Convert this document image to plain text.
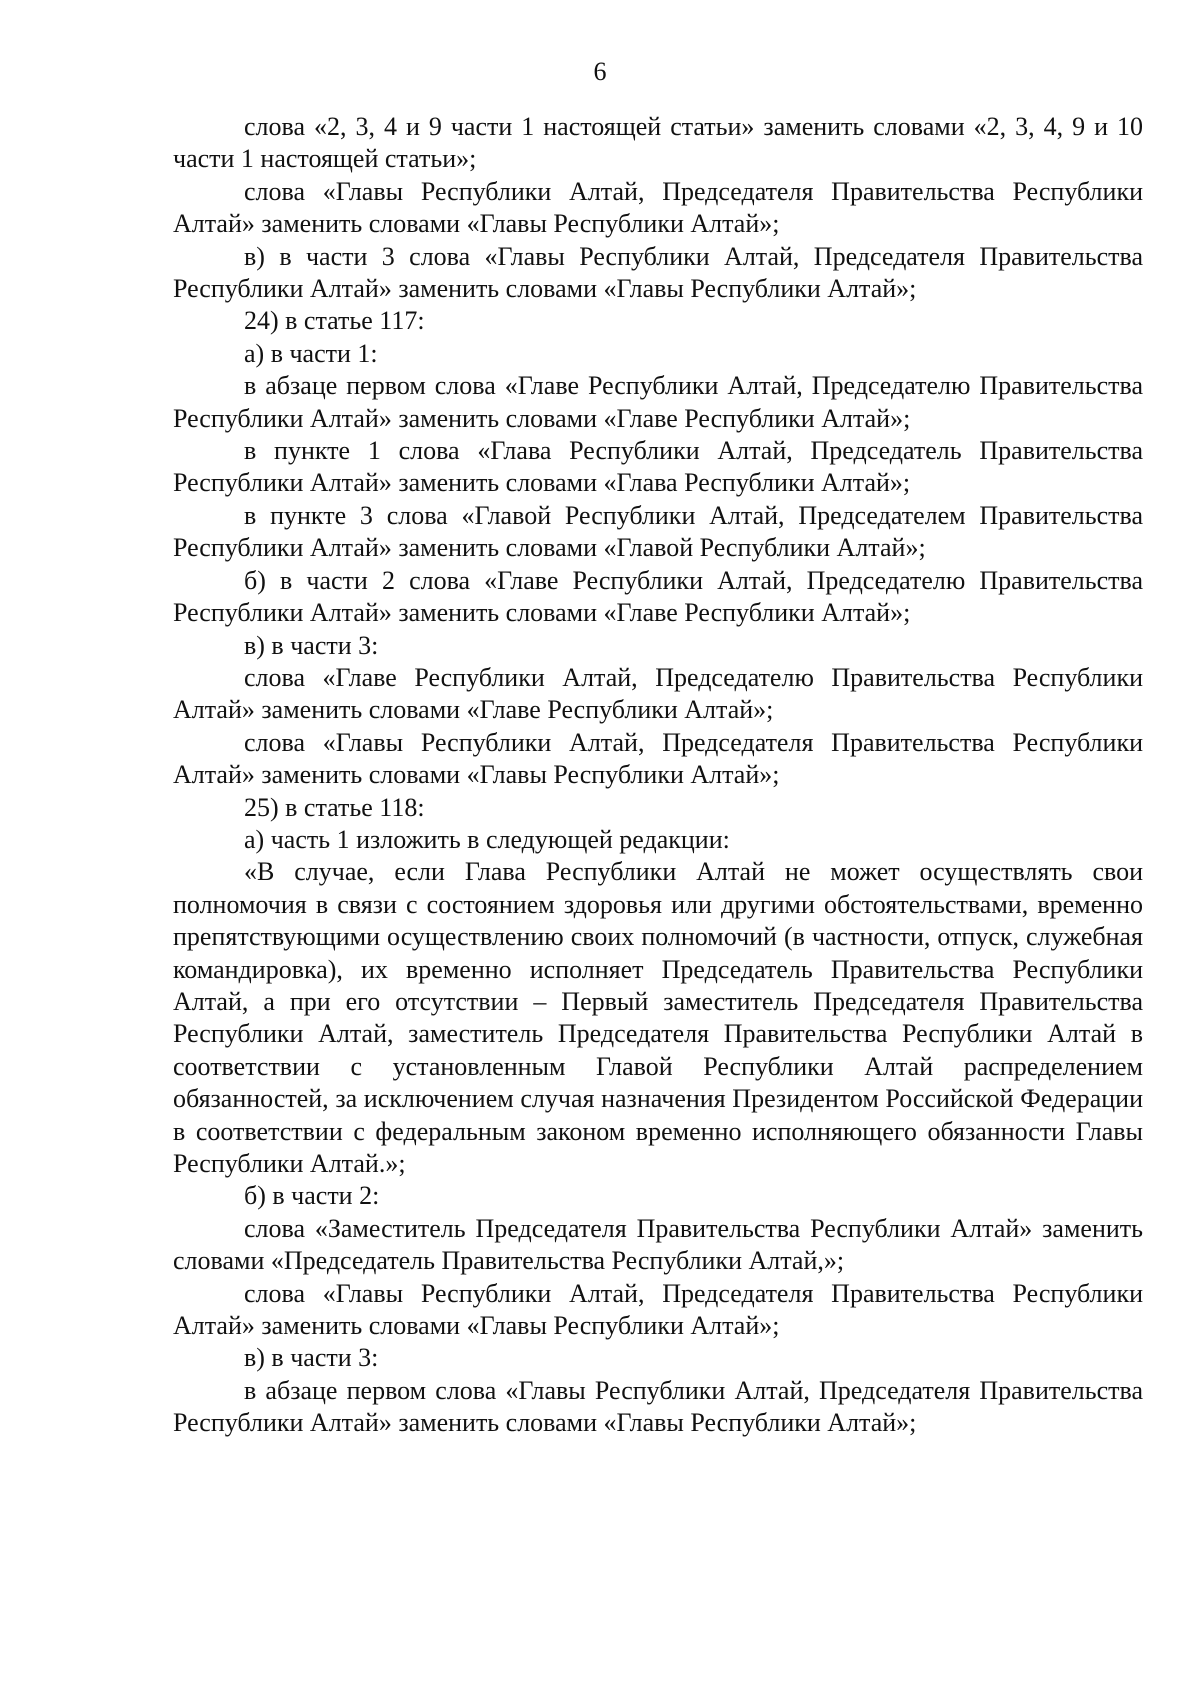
6

слова «2, 3, 4 и 9 части 1 настоящей статьи» заменить словами «2, 3, 4, 9 и 10 части 1 настоящей статьи»;

слова «Главы Республики Алтай, Председателя Правительства Республики Алтай» заменить словами «Главы Республики Алтай»;

в) в части 3 слова «Главы Республики Алтай, Председателя Правительства Республики Алтай» заменить словами «Главы Республики Алтай»;

24) в статье 117:

а) в части 1:

в абзаце первом слова «Главе Республики Алтай, Председателю Правительства Республики Алтай» заменить словами «Главе Республики Алтай»;

в пункте 1 слова «Глава Республики Алтай, Председатель Правительства Республики Алтай» заменить словами «Глава Республики Алтай»;

в пункте 3 слова «Главой Республики Алтай, Председателем Правительства Республики Алтай» заменить словами «Главой Республики Алтай»;

б) в части 2 слова «Главе Республики Алтай, Председателю Правительства Республики Алтай» заменить словами «Главе Республики Алтай»;

в) в части 3:

слова «Главе Республики Алтай, Председателю Правительства Республики Алтай» заменить словами «Главе Республики Алтай»;

слова «Главы Республики Алтай, Председателя Правительства Республики Алтай» заменить словами «Главы Республики Алтай»;

25) в статье 118:

а) часть 1 изложить в следующей редакции:

«В случае, если Глава Республики Алтай не может осуществлять свои полномочия в связи с состоянием здоровья или другими обстоятельствами, временно препятствующими осуществлению своих полномочий (в частности, отпуск, служебная командировка), их временно исполняет Председатель Правительства Республики Алтай, а при его отсутствии – Первый заместитель Председателя Правительства Республики Алтай, заместитель Председателя Правительства Республики Алтай в соответствии с установленным Главой Республики Алтай распределением обязанностей, за исключением случая назначения Президентом Российской Федерации в соответствии с федеральным законом временно исполняющего обязанности Главы Республики Алтай.»;

б) в части 2:

слова «Заместитель Председателя Правительства Республики Алтай» заменить словами «Председатель Правительства Республики Алтай,»;

слова «Главы Республики Алтай, Председателя Правительства Республики Алтай» заменить словами «Главы Республики Алтай»;

в) в части 3:

в абзаце первом слова «Главы Республики Алтай, Председателя Правительства Республики Алтай» заменить словами «Главы Республики Алтай»;
